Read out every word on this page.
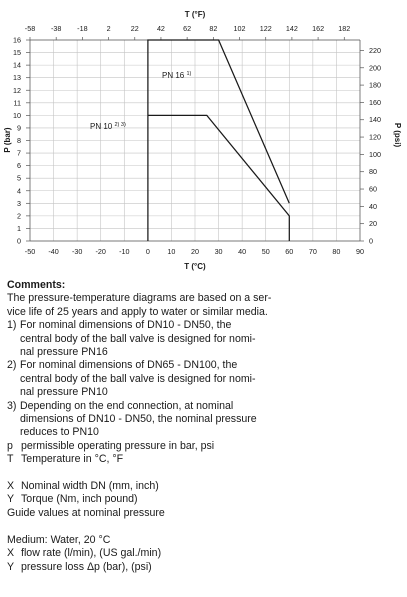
0
1
2
3
4
5
6
7
8
9
10
11
12
13
14
15
16
-50 -40 -30 -20 -10 0 10 20 30 40 50 60 70 80 90
-58 -38 -18	2	22	42	62	82 102 122 142 162 182
0
20
40
60
80
100
120
140
160
180
200
220
T (°F)
T (°C)
P (bar)	P (psi)
PN 16 $^{1)}$
PN 10 $^{2) 3)}$
Comments:
The pressure-temperature diagrams are based on a ser-
vice life of 25 years and apply to water or similar media.
1) For nominal dimensions of DN10 - DN50, the
central body of the ball valve is designed for nomi-
nal pressure PN16
2) For nominal dimensions of DN65 - DN100, the
central body of the ball valve is designed for nomi-
nal pressure PN10
3) Depending on the end connection, at nominal
dimensions of DN10 - DN50, the nominal pressure
reduces to PN10
p permissible operating pressure in bar, psi
T Temperature in °C, °F
X Nominal width DN (mm, inch)
Y Torque (Nm, inch pound)
Guide values at nominal pressure
Medium: Water, 20 °C
X flow rate (l/min), (US gal./min)
Y pressure loss Δp (bar), (psi)
